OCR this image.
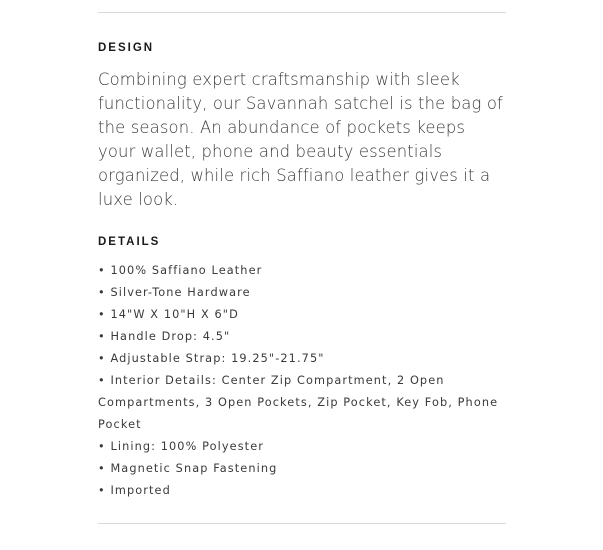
DESIGN

Combining expert craftsmanship with sleek functionality, our Savannah satchel is the bag of the season. An abundance of pockets keeps your wallet, phone and beauty essentials organized, while rich Saffiano leather gives it a luxe look.

DETAILS
• 100% Saffiano Leather
• Silver-Tone Hardware
• 14"W X 10"H X 6"D
• Handle Drop: 4.5"
• Adjustable Strap: 19.25"-21.75"
• Interior Details: Center Zip Compartment, 2 Open Compartments, 3 Open Pockets, Zip Pocket, Key Fob, Phone Pocket
• Lining: 100% Polyester
• Magnetic Snap Fastening
• Imported
